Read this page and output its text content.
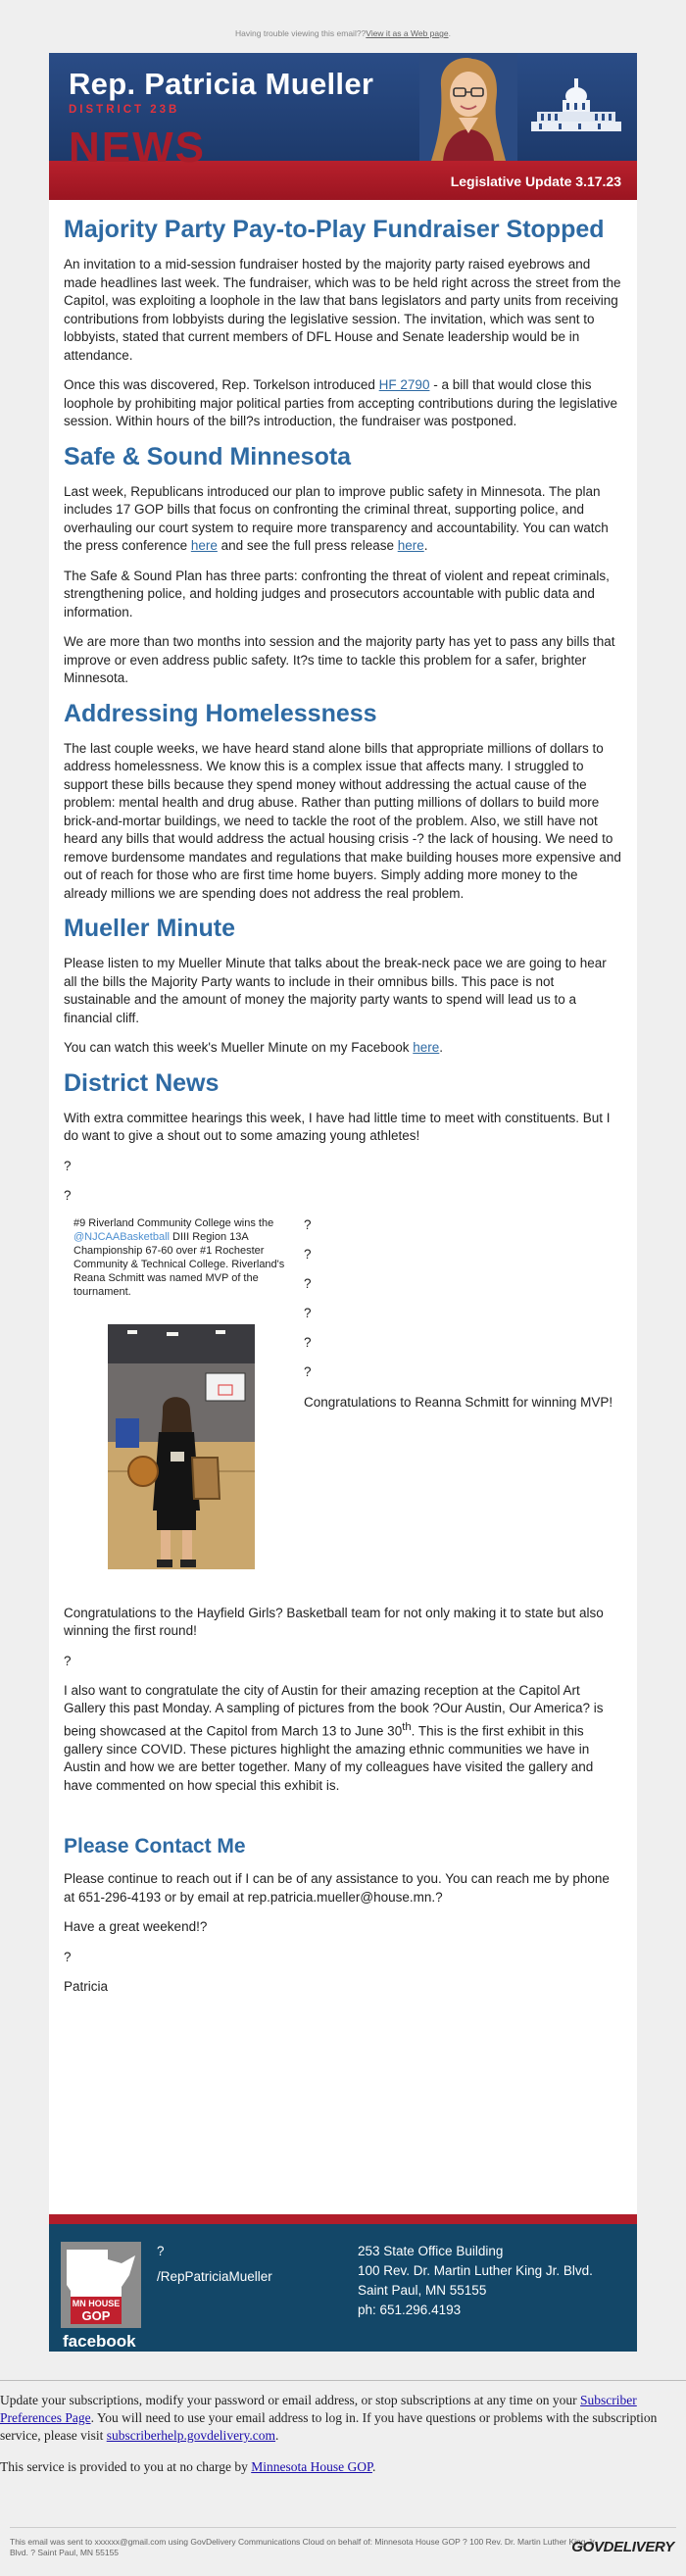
Having trouble viewing this email??View it as a Web page.
Rep. Patricia Mueller
DISTRICT 23B
NEWS
Legislative Update 3.17.23
Majority Party Pay-to-Play Fundraiser Stopped

An invitation to a mid-session fundraiser hosted by the majority party raised eyebrows and made headlines last week. The fundraiser, which was to be held right across the street from the Capitol, was exploiting a loophole in the law that bans legislators and party units from receiving contributions from lobbyists during the legislative session. The invitation, which was sent to lobbyists, stated that current members of DFL House and Senate leadership would be in attendance.

Once this was discovered, Rep. Torkelson introduced HF 2790 - a bill that would close this loophole by prohibiting major political parties from accepting contributions during the legislative session. Within hours of the bill?s introduction, the fundraiser was postponed.

Safe & Sound Minnesota

Last week, Republicans introduced our plan to improve public safety in Minnesota. The plan includes 17 GOP bills that focus on confronting the criminal threat, supporting police, and overhauling our court system to require more transparency and accountability. You can watch the press conference here and see the full press release here.

The Safe & Sound Plan has three parts: confronting the threat of violent and repeat criminals, strengthening police, and holding judges and prosecutors accountable with public data and information.

We are more than two months into session and the majority party has yet to pass any bills that improve or even address public safety. It?s time to tackle this problem for a safer, brighter Minnesota.

Addressing Homelessness

The last couple weeks, we have heard stand alone bills that appropriate millions of dollars to address homelessness. We know this is a complex issue that affects many. I struggled to support these bills because they spend money without addressing the actual cause of the problem: mental health and drug abuse. Rather than putting millions of dollars to build more brick-and-mortar buildings, we need to tackle the root of the problem. Also, we still have not heard any bills that would address the actual housing crisis -? the lack of housing. We need to remove burdensome mandates and regulations that make building houses more expensive and out of reach for those who are first time home buyers. Simply adding more money to the already millions we are spending does not address the real problem.

Mueller Minute

Please listen to my Mueller Minute that talks about the break-neck pace we are going to hear all the bills the Majority Party wants to include in their omnibus bills. This pace is not sustainable and the amount of money the majority party wants to spend will lead us to a financial cliff.

You can watch this week's Mueller Minute on my Facebook here.

District News

With extra committee hearings this week, I have had little time to meet with constituents. But I do want to give a shout out to some amazing young athletes!

?
?
#9 Riverland Community College wins the @NJCAABasketball DIII Region 13A Championship 67-60 over #1 Rochester Community & Technical College. Riverland's Reana Schmitt was named MVP of the tournament.
?
?
?
?
?
?
Congratulations to Reanna Schmitt for winning MVP!

Congratulations to the Hayfield Girls? Basketball team for not only making it to state but also winning the first round!

?

I also want to congratulate the city of Austin for their amazing reception at the Capitol Art Gallery this past Monday. A sampling of pictures from the book ?Our Austin, Our America? is being showcased at the Capitol from March 13 to June 30th. This is the first exhibit in this gallery since COVID. These pictures highlight the amazing ethnic communities we have in Austin and how we are better together. Many of my colleagues have visited the gallery and have commented on how special this exhibit is.

Please Contact Me

Please continue to reach out if I can be of any assistance to you. You can reach me by phone at 651-296-4193 or by email at rep.patricia.mueller@house.mn.?

Have a great weekend!?

?

Patricia

MN HOUSE
GOP
facebook
?
/RepPatriciaMueller
253 State Office Building
100 Rev. Dr. Martin Luther King Jr. Blvd.
Saint Paul, MN 55155
ph: 651.296.4193

Update your subscriptions, modify your password or email address, or stop subscriptions at any time on your Subscriber Preferences Page. You will need to use your email address to log in. If you have questions or problems with the subscription service, please visit subscriberhelp.govdelivery.com.

This service is provided to you at no charge by Minnesota House GOP.

This email was sent to xxxxxx@gmail.com using GovDelivery Communications Cloud on behalf of: Minnesota House GOP ? 100 Rev. Dr. Martin Luther King Jr. Blvd. ? Saint Paul, MN 55155	GOVDELIVERY
